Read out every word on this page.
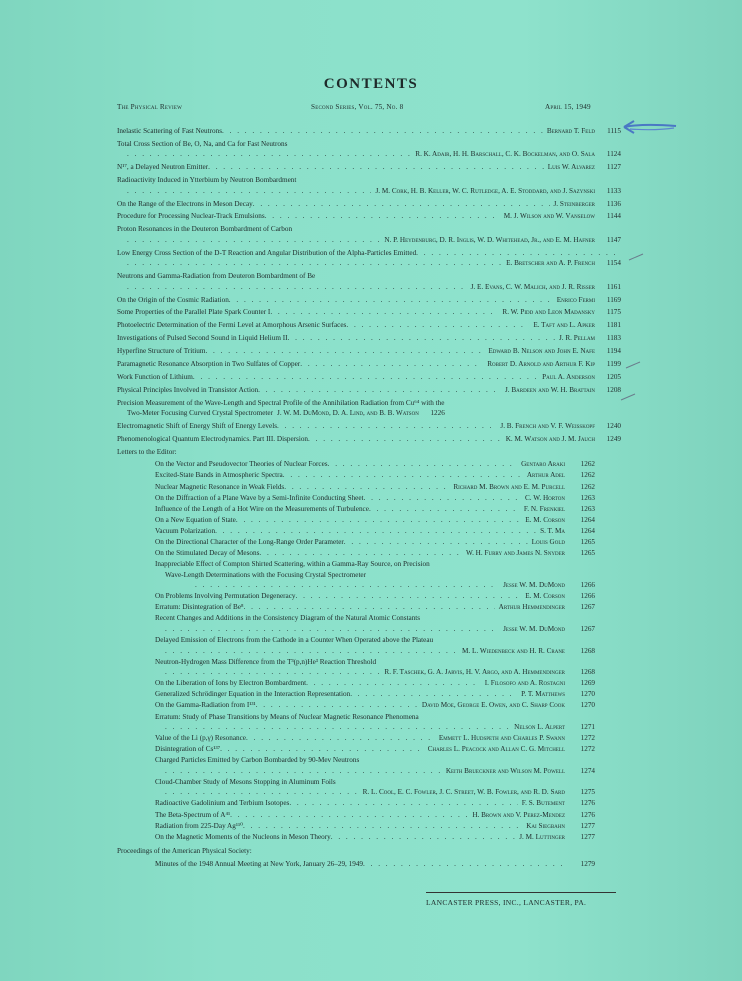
CONTENTS
The Physical Review	Second Series, Vol. 75, No. 8	April 15, 1949
Inelastic Scattering of Fast Neutrons . . .	Bernard T. Feld	1115
Total Cross Section of Be, O, Na, and Ca for Fast Neutrons
. . .
R. K. Adair, H. H. Barschall, C. K. Bockelman, and O. Sala	1124
N¹⁷, a Delayed Neutron Emitter . . .	Luis W. Alvarez	1127
Radioactivity Induced in Ytterbium by Neutron Bombardment
. . .
J. M. Cork, H. B. Keller, W. C. Rutledge, A. E. Stoddard, and J. Sazynski	1133
On the Range of the Electrons in Meson Decay . . .	J. Steinberger	1136
Procedure for Processing Nuclear-Track Emulsions . . .	M. J. Wilson and W. Vanselow	1144
Proton Resonances in the Deuteron Bombardment of Carbon
. . .
N. P. Heydenburg, D. R. Inglis, W. D. Whitehead, Jr., and E. M. Hafner	1147
Low Energy Cross Section of the D-T Reaction and Angular Distribution of the Alpha-Particles Emitted
. . .
. . .
E. Bretscher and A. P. French	1154
Neutrons and Gamma-Radiation from Deuteron Bombardment of Be
. . .
J. E. Evans, C. W. Malich, and J. R. Risser	1161
On the Origin of the Cosmic Radiation . . .	Enrico Fermi	1169
Some Properties of the Parallel Plate Spark Counter I . . .	R. W. Pidd and Leon Madansky	1175
Photoelectric Determination of the Fermi Level at Amorphous Arsenic Surfaces . . .	E. Taft and L. Apker	1181
Investigations of Pulsed Second Sound in Liquid Helium II . . .	J. R. Pellam	1183
Hyperfine Structure of Tritium . . .	Edward B. Nelson and John E. Nafe	1194
Paramagnetic Resonance Absorption in Two Sulfates of Copper . . .	Robert D. Arnold and Arthur F. Kip	1199
Work Function of Lithium . . .	Paul A. Anderson	1205
Physical Principles Involved in Transistor Action . . .	J. Bardeen and W. H. Brattain	1208
Precision Measurement of the Wave-Length and Spectral Profile of the Annihilation Radiation from Cu⁶⁴ with the
Two-Meter Focusing Curved Crystal Spectrometer J. W. M. DuMond, D. A. Lind, and B. B. Watson	1226
Electromagnetic Shift of Energy Shift of Energy Levels . . .	J. B. French and V. F. Weisskopf	1240
Phenomenological Quantum Electrodynamics. Part III. Dispersion . . .	K. M. Watson and J. M. Jauch	1249
Letters to the Editor:
On the Vector and Pseudovector Theories of Nuclear Forces . . .	Gentaro Araki	1262
Excited-State Bands in Atmospheric Spectra . . .	Arthur Adel	1262
Nuclear Magnetic Resonance in Weak Fields . . .	Richard M. Brown and E. M. Purcell	1262
On the Diffraction of a Plane Wave by a Semi-Infinite Conducting Sheet . . .	C. W. Horton	1263
Influence of the Length of a Hot Wire on the Measurements of Turbulence . . .	F. N. Frenkiel	1263
On a New Equation of State . . .	E. M. Corson	1264
Vacuum Polarization . . .	S. T. Ma	1264
On the Directional Character of the Long-Range Order Parameter . . .	Louis Gold	1265
On the Stimulated Decay of Mesons . . .	W. H. Furry and James N. Snyder	1265
Inappreciable Effect of Compton Shirted Scattering, within a Gamma-Ray Source, on Precision
Wave-Length Determinations with the Focusing Crystal Spectrometer
. . .
Jesse W. M. DuMond	1266
On Problems Involving Permutation Degeneracy . . .	E. M. Corson	1266
Erratum: Disintegration of Be⁸ . . .	Arthur Hemmendinger	1267
Recent Changes and Additions in the Consistency Diagram of the Natural Atomic Constants
. . .
Jesse W. M. DuMond	1267
Delayed Emission of Electrons from the Cathode in a Counter When Operated above the Plateau
. . .
M. L. Wiedenbeck and H. R. Crane	1268
Neutron-Hydrogen Mass Difference from the T³(p,n)He³ Reaction Threshold
. . .
R. F. Taschek, G. A. Jarvis, H. V. Argo, and A. Hemmendinger	1268
On the Liberation of Ions by Electron Bombardment . . .	I. Filosofo and A. Rostagni	1269
Generalized Schrödinger Equation in the Interaction Representation . . .	P. T. Matthews	1270
On the Gamma-Radiation from I¹³¹ . . .	David Moe, George E. Owen, and C. Sharp Cook	1270
Erratum: Study of Phase Transitions by Means of Nuclear Magnetic Resonance Phenomena
. . .
Nelson L. Alpert	1271
Value of the Li (p,γ) Resonance . . .	Emmett L. Hudspeth and Charles P. Swann	1272
Disintegration of Cs¹³⁷ . . .	Charles L. Peacock and Allan C. G. Mitchell	1272
Charged Particles Emitted by Carbon Bombarded by 90-Mev Neutrons
. . .
Keith Brueckner and Wilson M. Powell	1274
Cloud-Chamber Study of Mesons Stopping in Aluminum Foils
. . .
R. L. Cool, E. C. Fowler, J. C. Street, W. B. Fowler, and R. D. Sard	1275
Radioactive Gadolinium and Terbium Isotopes . . .	F. S. Butement	1276
The Beta-Spectrum of A⁴¹ . . .	H. Brown and V. Perez-Mendez	1276
Radiation from 225-Day Ag¹¹⁰ . . .	Kai Siegbahn	1277
On the Magnetic Moments of the Nucleons in Meson Theory . . .	J. M. Luttinger	1277
Proceedings of the American Physical Society:
Minutes of the 1948 Annual Meeting at New York, January 26–29, 1949 . . .	1279
LANCASTER PRESS, INC., LANCASTER, PA.
